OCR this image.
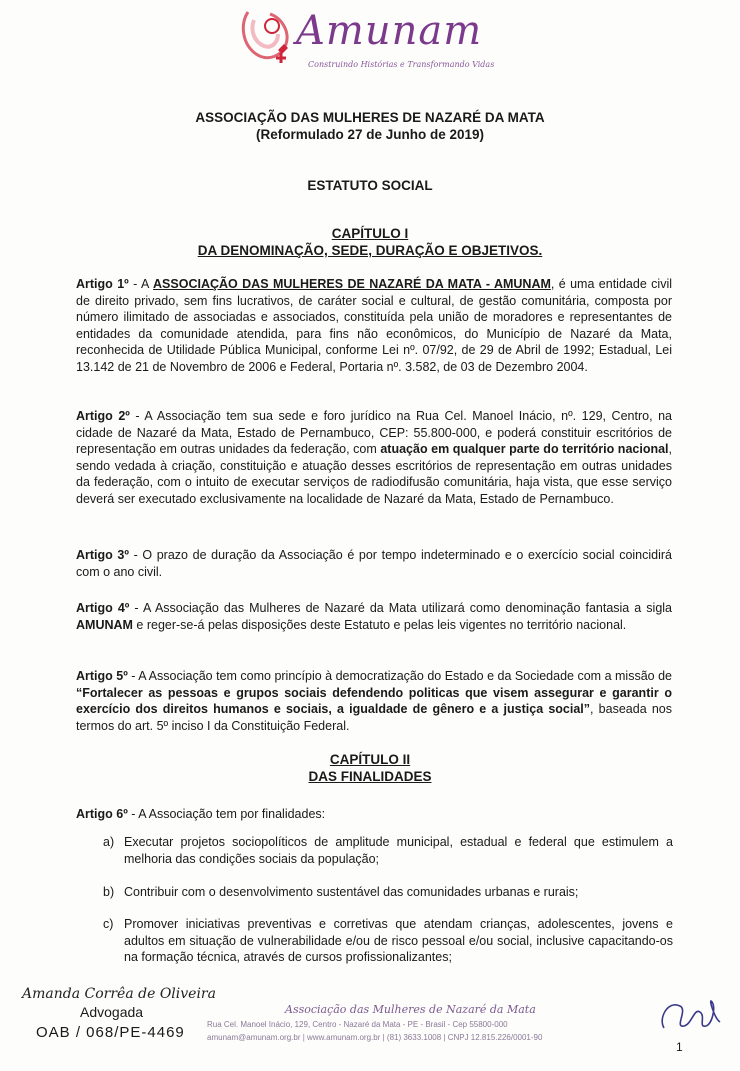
Amunam
Construindo Histórias e Transformando Vidas
ASSOCIAÇÃO DAS MULHERES DE NAZARÉ DA MATA
(Reformulado 27 de Junho de 2019)
ESTATUTO SOCIAL
CAPÍTULO I
DA DENOMINAÇÃO, SEDE, DURAÇÃO E OBJETIVOS.
Artigo 1º - A ASSOCIAÇÃO DAS MULHERES DE NAZARÉ DA MATA - AMUNAM, é uma entidade civil de direito privado, sem fins lucrativos, de caráter social e cultural, de gestão comunitária, composta por número ilimitado de associadas e associados, constituída pela união de moradores e representantes de entidades da comunidade atendida, para fins não econômicos, do Município de Nazaré da Mata, reconhecida de Utilidade Pública Municipal, conforme Lei nº. 07/92, de 29 de Abril de 1992; Estadual, Lei 13.142 de 21 de Novembro de 2006 e Federal, Portaria nº. 3.582, de 03 de Dezembro 2004.
Artigo 2º - A Associação tem sua sede e foro jurídico na Rua Cel. Manoel Inácio, nº. 129, Centro, na cidade de Nazaré da Mata, Estado de Pernambuco, CEP: 55.800-000, e poderá constituir escritórios de representação em outras unidades da federação, com atuação em qualquer parte do território nacional, sendo vedada à criação, constituição e atuação desses escritórios de representação em outras unidades da federação, com o intuito de executar serviços de radiodifusão comunitária, haja vista, que esse serviço deverá ser executado exclusivamente na localidade de Nazaré da Mata, Estado de Pernambuco.
Artigo 3º - O prazo de duração da Associação é por tempo indeterminado e o exercício social coincidirá com o ano civil.
Artigo 4º - A Associação das Mulheres de Nazaré da Mata utilizará como denominação fantasia a sigla AMUNAM e reger-se-á pelas disposições deste Estatuto e pelas leis vigentes no território nacional.
Artigo 5º - A Associação tem como princípio à democratização do Estado e da Sociedade com a missão de “Fortalecer as pessoas e grupos sociais defendendo politicas que visem assegurar e garantir o exercício dos direitos humanos e sociais, a igualdade de gênero e a justiça social”, baseada nos termos do art. 5º inciso I da Constituição Federal.
CAPÍTULO II
DAS FINALIDADES
Artigo 6º - A Associação tem por finalidades:
a) Executar projetos sociopolíticos de amplitude municipal, estadual e federal que estimulem a melhoria das condições sociais da população;
b) Contribuir com o desenvolvimento sustentável das comunidades urbanas e rurais;
c) Promover iniciativas preventivas e corretivas que atendam crianças, adolescentes, jovens e adultos em situação de vulnerabilidade e/ou de risco pessoal e/ou social, inclusive capacitando-os na formação técnica, através de cursos profissionalizantes;
Amanda Corrêa de Oliveira
Advogada
OAB / 068/PE-4469
Associação das Mulheres de Nazaré da Mata
Rua Cel. Manoel Inácio, 129, Centro - Nazaré da Mata - PE - Brasil - Cep 55800-000
amunam@amunam.org.br | www.amunam.org.br | (81) 3633.1008 | CNPJ 12.815.226/0001-90
1
